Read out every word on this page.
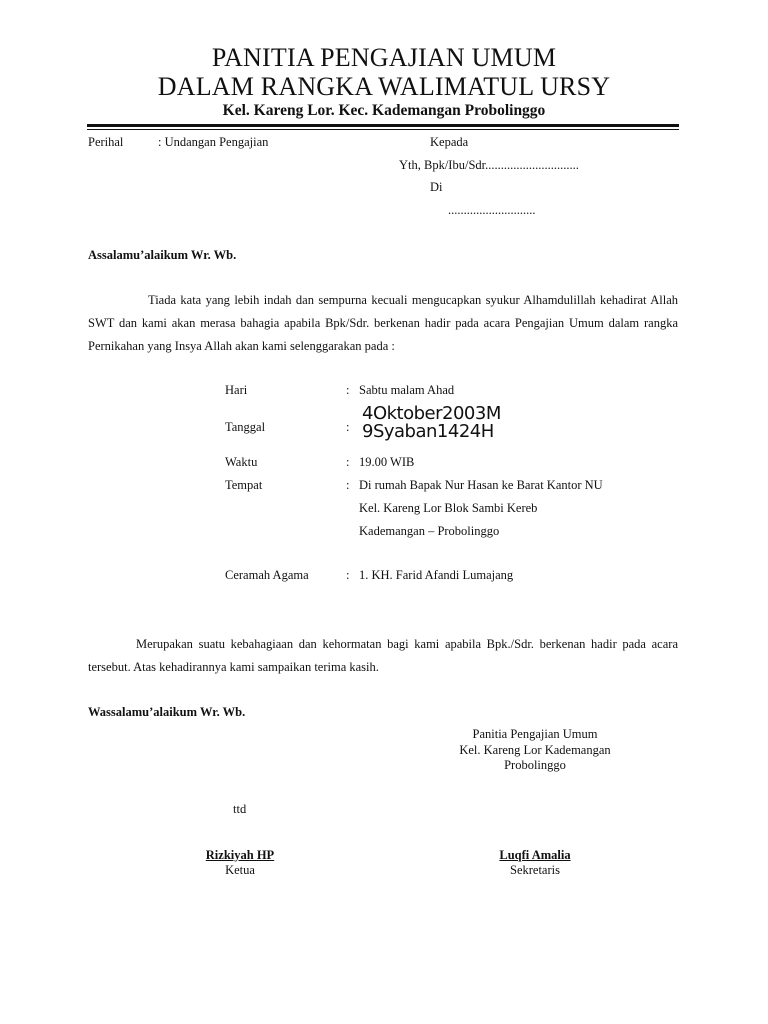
PANITIA PENGAJIAN UMUM
DALAM RANGKA WALIMATUL URSY
Kel. Kareng Lor. Kec. Kademangan Probolinggo
Perihal	: Undangan Pengajian	Kepada
Yth, Bpk/Ibu/Sdr..............................
Di
............................
Assalamu’alaikum Wr. Wb.
Tiada kata yang lebih indah dan sempurna kecuali mengucapkan syukur Alhamdulillah kehadirat Allah SWT dan kami akan merasa bahagia apabila Bpk/Sdr. berkenan hadir pada acara Pengajian Umum dalam rangka Pernikahan yang Insya Allah akan kami selenggarakan pada :
Hari	: Sabtu malam Ahad
Tanggal	:
4Oktober2003M
9Syaban1424H
Waktu	: 19.00 WIB
Tempat	: Di rumah Bapak Nur Hasan ke Barat Kantor NU
Kel. Kareng Lor Blok Sambi Kereb
Kademangan – Probolinggo
Ceramah Agama	: 1. KH. Farid Afandi Lumajang
Merupakan suatu kebahagiaan dan kehormatan bagi kami apabila Bpk./Sdr. berkenan hadir pada acara tersebut. Atas kehadirannya kami sampaikan terima kasih.
Wassalamu’alaikum Wr. Wb.
Panitia Pengajian Umum
Kel. Kareng Lor Kademangan
Probolinggo
ttd
Rizkiyah HP
Ketua
Luqfi Amalia
Sekretaris
